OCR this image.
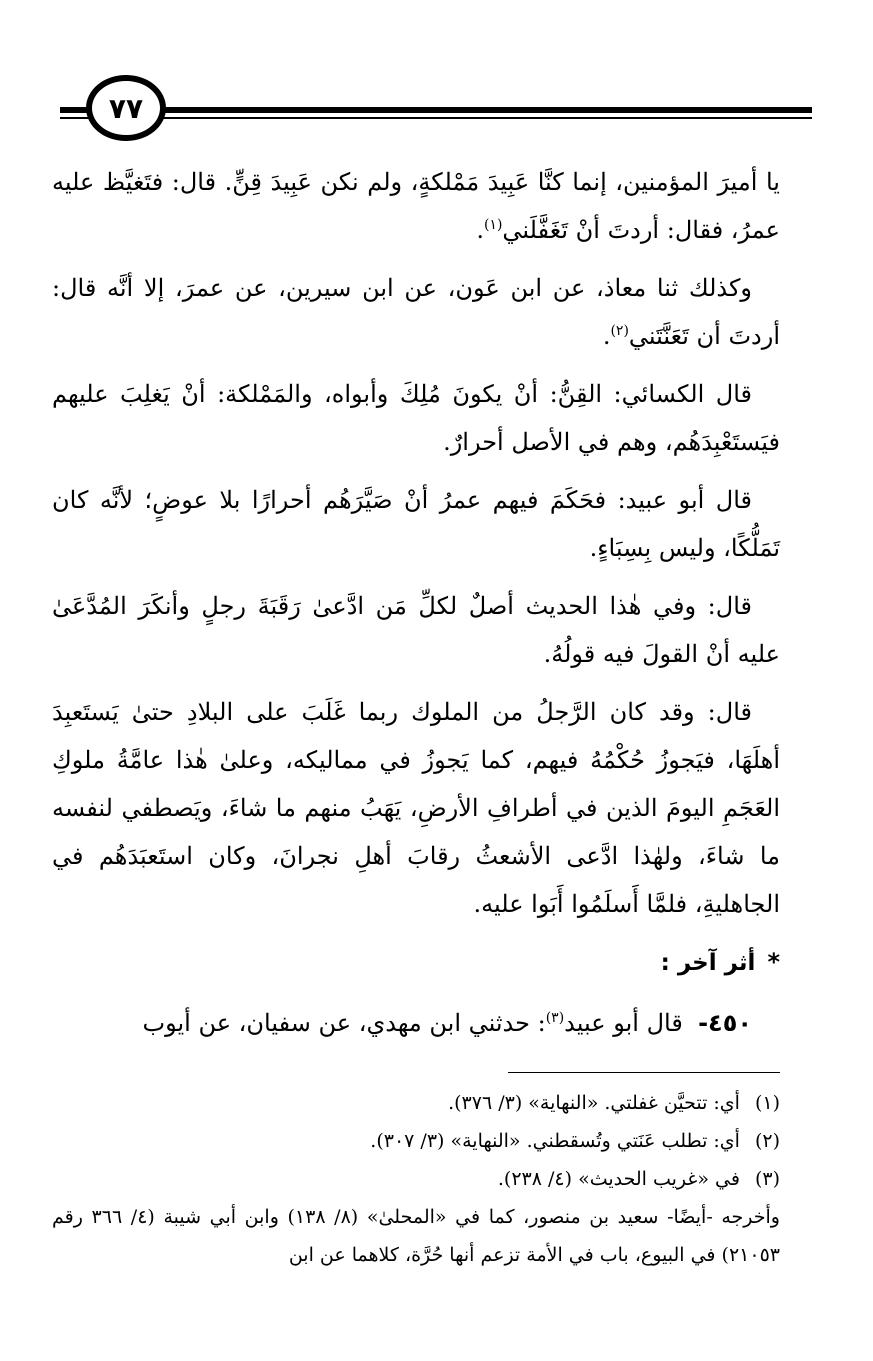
٧٧

يا أميرَ المؤمنين، إنما كنَّا عَبِيدَ مَمْلكةٍ، ولم نكن عَبِيدَ قِنٍّ. قال: فتَغيَّظ عليه عمرُ، فقال: أردتَ أنْ تَغَفَّلَني$^{(١)}$.

وكذلك ثنا معاذ، عن ابن عَون، عن ابن سيرين، عن عمرَ، إلا أنَّه قال: أردتَ أن تَعَنَّتَني$^{(٢)}$.

قال الكسائي: القِنُّ: أنْ يكونَ مُلِكَ وأبواه، والمَمْلكة: أنْ يَغلِبَ عليهم فيَستَعْبِدَهُم، وهم في الأصل أحرارٌ.

قال أبو عبيد: فحَكَمَ فيهم عمرُ أنْ صَيَّرَهُم أحرارًا بلا عوضٍ؛ لأنَّه كان تَمَلُّكًا، وليس بِسِبَاءٍ.

قال: وفي هٰذا الحديث أصلٌ لكلِّ مَن ادَّعىٰ رَقَبَةَ رجلٍ وأنكَرَ المُدَّعَىٰ عليه أنْ القولَ فيه قولُهُ.

قال: وقد كان الرَّجلُ من الملوك ربما غَلَبَ على البلادِ حتىٰ يَستَعبِدَ أهلَهَا، فيَجوزُ حُكْمُهُ فيهم، كما يَجوزُ في مماليكه، وعلىٰ هٰذا عامَّةُ ملوكِ العَجَمِ اليومَ الذين في أطرافِ الأرضِ، يَهَبُ منهم ما شاءَ، ويَصطفي لنفسه ما شاءَ، ولهٰذا ادَّعى الأشعثُ رقابَ أهلِ نجرانَ، وكان استَعبَدَهُم في الجاهليةِ، فلمَّا أَسلَمُوا أَبَوا عليه.

*أثر آخر :

٤٥٠-  قال أبو عبيد$^{(٣)}$: حدثني ابن مهدي، عن سفيان، عن أيوب

(١) أي: تتحيَّن غفلتي. «النهاية» (٣/ ٣٧٦).

(٢) أي: تطلب عَنَتي وتُسقطني. «النهاية» (٣/ ٣٠٧).

(٣) في «غريب الحديث» (٤/ ٢٣٨).

وأخرجه -أيضًا- سعيد بن منصور، كما في «المحلىٰ» (٨/ ١٣٨) وابن أبي شيبة (٤/ ٣٦٦ رقم ٢١٠٥٣) في البيوع، باب في الأمة تزعم أنها حُرَّة، كلاهما عن ابن
